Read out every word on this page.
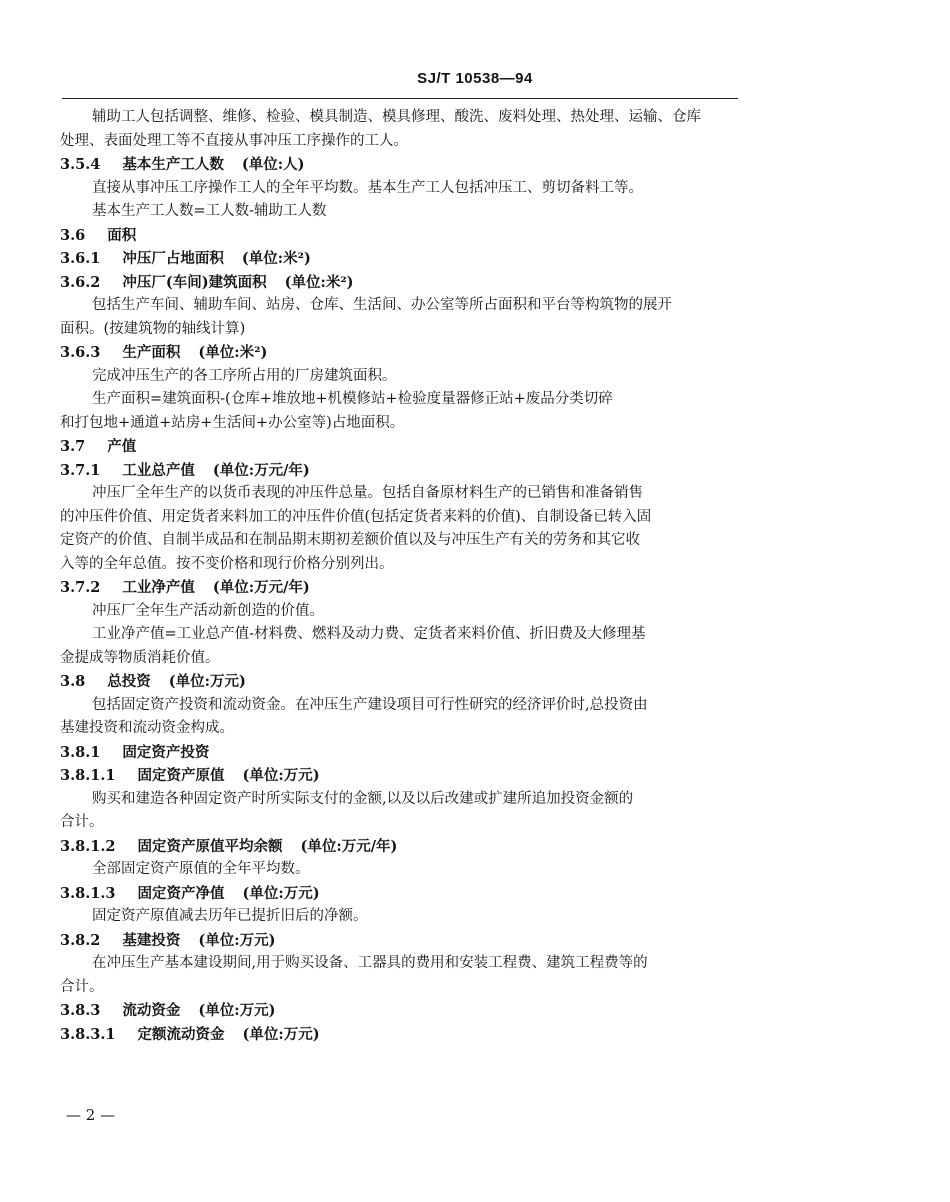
SJ/T 10538—94
辅助工人包括调整、维修、检验、模具制造、模具修理、酸洗、废料处理、热处理、运输、仓库
处理、表面处理工等不直接从事冲压工序操作的工人。
3.5.4 基本生产工人数 (单位:人)
直接从事冲压工序操作工人的全年平均数。基本生产工人包括冲压工、剪切备料工等。
基本生产工人数=工人数-辅助工人数
3.6 面积
3.6.1 冲压厂占地面积 (单位:米²)
3.6.2 冲压厂(车间)建筑面积 (单位:米²)
包括生产车间、辅助车间、站房、仓库、生活间、办公室等所占面积和平台等构筑物的展开
面积。(按建筑物的轴线计算)
3.6.3 生产面积 (单位:米²)
完成冲压生产的各工序所占用的厂房建筑面积。
生产面积=建筑面积-(仓库+堆放地+机模修站+检验度量器修正站+废品分类切碎
和打包地+通道+站房+生活间+办公室等)占地面积。
3.7 产值
3.7.1 工业总产值 (单位:万元/年)
冲压厂全年生产的以货币表现的冲压件总量。包括自备原材料生产的已销售和准备销售
的冲压件价值、用定货者来料加工的冲压件价值(包括定货者来料的价值)、自制设备已转入固
定资产的价值、自制半成品和在制品期末期初差额价值以及与冲压生产有关的劳务和其它收
入等的全年总值。按不变价格和现行价格分别列出。
3.7.2 工业净产值 (单位:万元/年)
冲压厂全年生产活动新创造的价值。
工业净产值=工业总产值-材料费、燃料及动力费、定货者来料价值、折旧费及大修理基
金提成等物质消耗价值。
3.8 总投资 (单位:万元)
包括固定资产投资和流动资金。在冲压生产建设项目可行性研究的经济评价时,总投资由
基建投资和流动资金构成。
3.8.1 固定资产投资
3.8.1.1 固定资产原值 (单位:万元)
购买和建造各种固定资产时所实际支付的金额,以及以后改建或扩建所追加投资金额的
合计。
3.8.1.2 固定资产原值平均余额 (单位:万元/年)
全部固定资产原值的全年平均数。
3.8.1.3 固定资产净值 (单位:万元)
固定资产原值减去历年已提折旧后的净额。
3.8.2 基建投资 (单位:万元)
在冲压生产基本建设期间,用于购买设备、工器具的费用和安装工程费、建筑工程费等的
合计。
3.8.3 流动资金 (单位:万元)
3.8.3.1 定额流动资金 (单位:万元)
— 2 —
